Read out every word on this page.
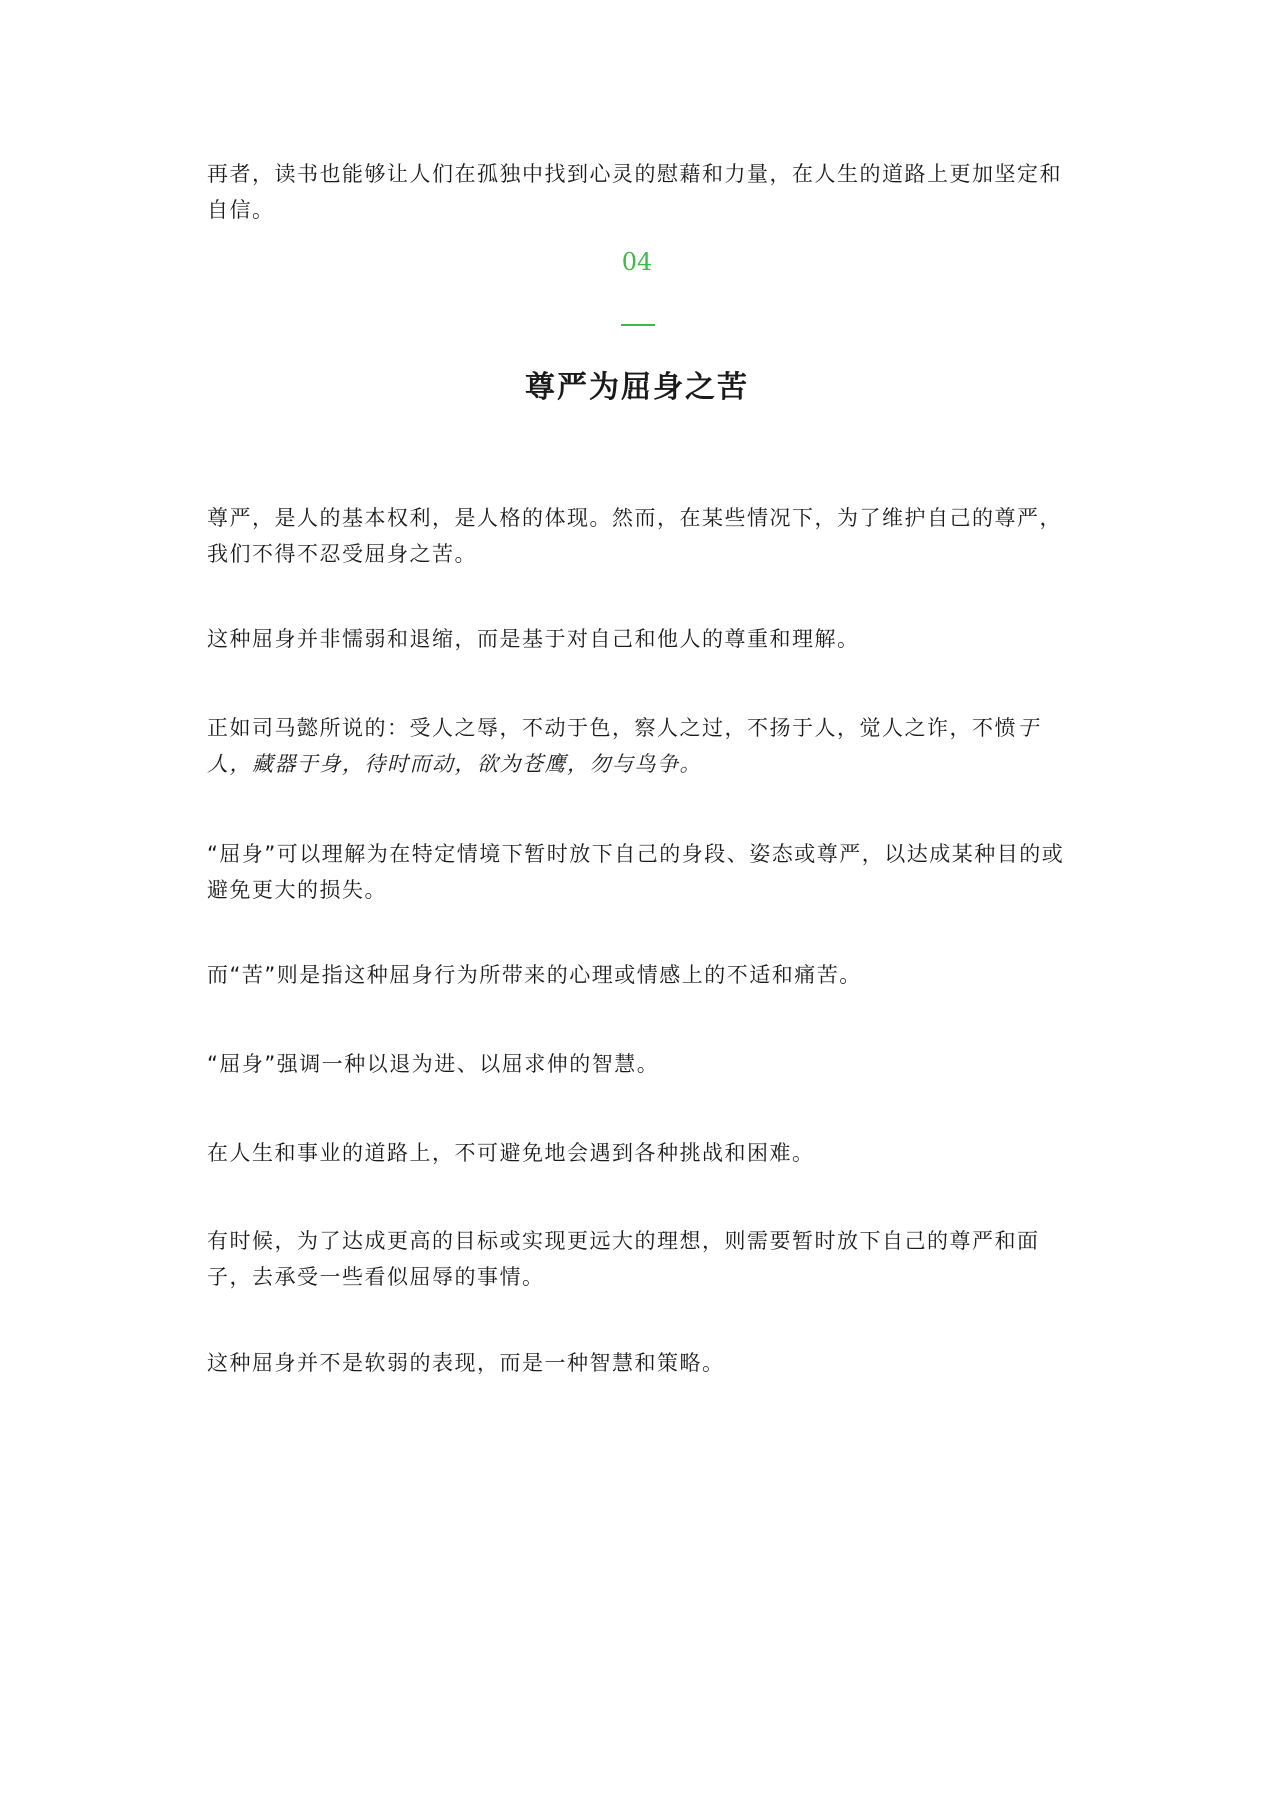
再者，读书也能够让人们在孤独中找到心灵的慰藉和力量，在人生的道路上更加坚定和自信。

04

尊严为屈身之苦

尊严，是人的基本权利，是人格的体现。然而，在某些情况下，为了维护自己的尊严，我们不得不忍受屈身之苦。

这种屈身并非懦弱和退缩，而是基于对自己和他人的尊重和理解。

正如司马懿所说的：受人之辱，不动于色，察人之过，不扬于人，觉人之诈，不愤于人，藏器于身，待时而动，欲为苍鹰，勿与鸟争。

“屈身”可以理解为在特定情境下暂时放下自己的身段、姿态或尊严，以达成某种目的或避免更大的损失。

而“苦”则是指这种屈身行为所带来的心理或情感上的不适和痛苦。

“屈身”强调一种以退为进、以屈求伸的智慧。

在人生和事业的道路上，不可避免地会遇到各种挑战和困难。

有时候，为了达成更高的目标或实现更远大的理想，则需要暂时放下自己的尊严和面子，去承受一些看似屈辱的事情。

这种屈身并不是软弱的表现，而是一种智慧和策略。
